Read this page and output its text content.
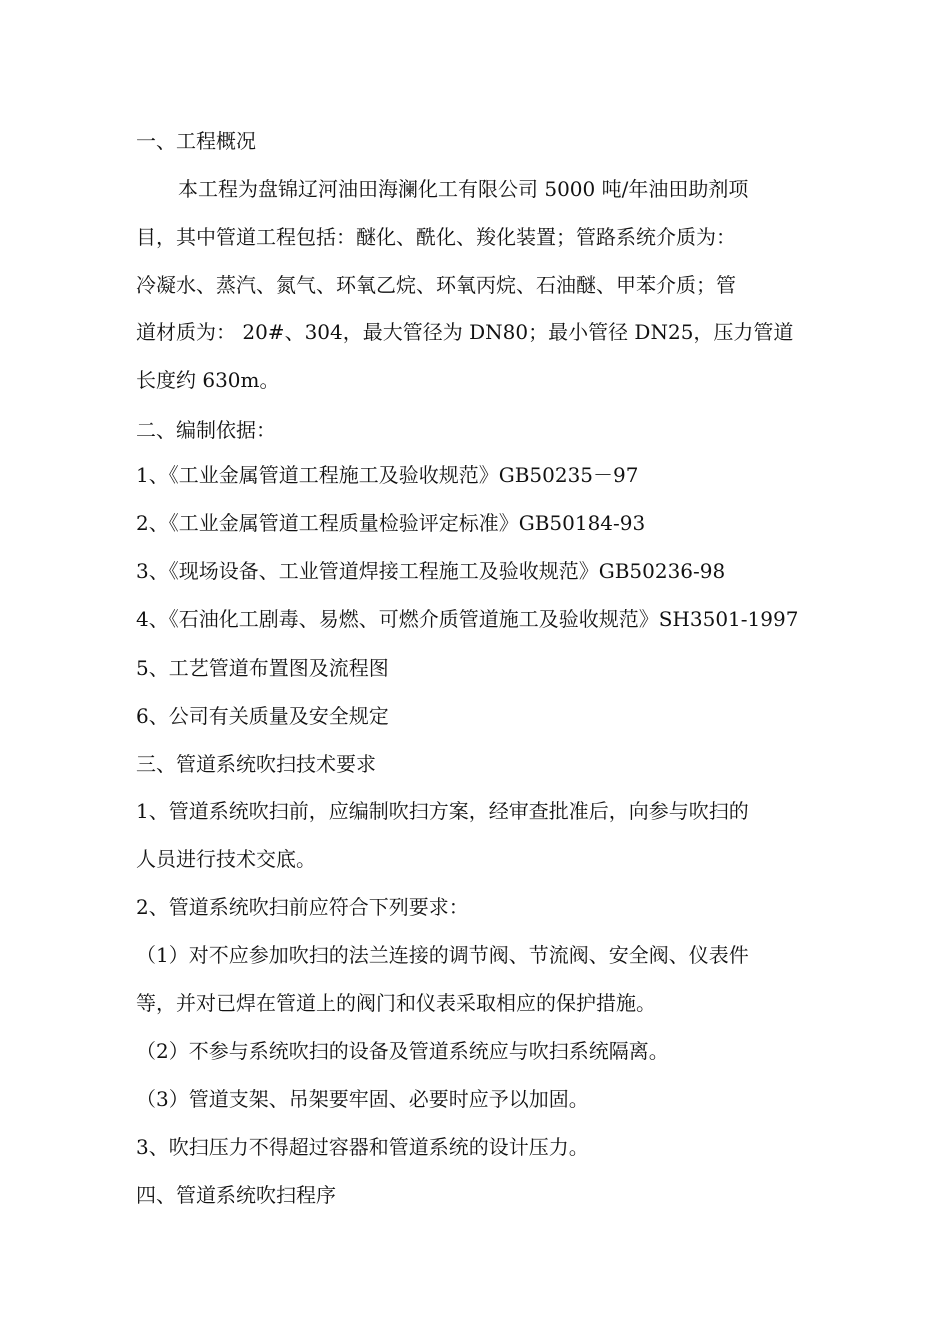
一、工程概况
本工程为盘锦辽河油田海澜化工有限公司 5000 吨/年油田助剂项
目，其中管道工程包括：醚化、酰化、羧化装置；管路系统介质为：
冷凝水、蒸汽、氮气、环氧乙烷、环氧丙烷、石油醚、甲苯介质；管
道材质为： 20#、304，最大管径为 DN80；最小管径 DN25，压力管道
长度约 630m。
二、编制依据：
1、《工业金属管道工程施工及验收规范》GB50235－97
2、《工业金属管道工程质量检验评定标准》GB50184-93
3、《现场设备、工业管道焊接工程施工及验收规范》GB50236-98
4、《石油化工剧毒、易燃、可燃介质管道施工及验收规范》SH3501-1997
5、工艺管道布置图及流程图
6、公司有关质量及安全规定
三、管道系统吹扫技术要求
1、管道系统吹扫前，应编制吹扫方案，经审查批准后，向参与吹扫的
人员进行技术交底。
2、管道系统吹扫前应符合下列要求：
（1）对不应参加吹扫的法兰连接的调节阀、节流阀、安全阀、仪表件
等，并对已焊在管道上的阀门和仪表采取相应的保护措施。
（2）不参与系统吹扫的设备及管道系统应与吹扫系统隔离。
（3）管道支架、吊架要牢固、必要时应予以加固。
3、吹扫压力不得超过容器和管道系统的设计压力。
四、管道系统吹扫程序
